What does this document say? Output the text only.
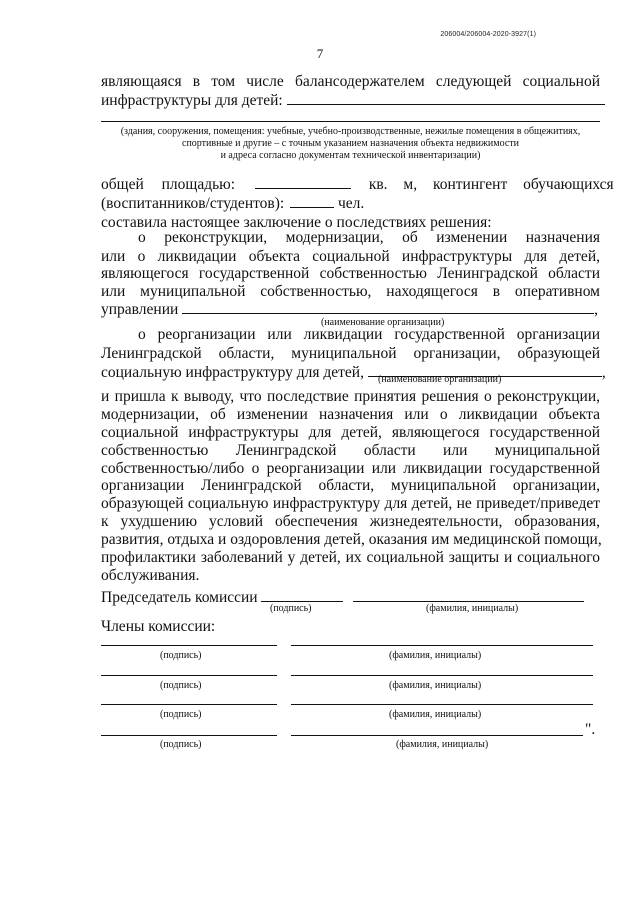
206004/206004-2020-3927(1)
7
являющаяся в том числе балансодержателем следующей социальной
инфраструктуры для детей:
(здания, сооружения, помещения: учебные, учебно-производственные, нежилые помещения в общежитиях,
спортивные и другие – с точным указанием назначения объекта недвижимости
и адреса согласно документам технической инвентаризации)
общей площадью:	кв. м, контингент обучающихся
(воспитанников/студентов):	чел.
составила настоящее заключение о последствиях решения:
о реконструкции, модернизации, об изменении назначения
или о ликвидации объекта социальной инфраструктуры для детей,
являющегося государственной собственностью Ленинградской области
или муниципальной собственностью, находящегося в оперативном
управлении	,
(наименование организации)
о реорганизации или ликвидации государственной организации
Ленинградской области, муниципальной организации, образующей
социальную инфраструктуру для детей,	,
(наименование организации)
и пришла к выводу, что последствие принятия решения о реконструкции,
модернизации, об изменении назначения или о ликвидации объекта
социальной инфраструктуры для детей, являющегося государственной
собственностью Ленинградской области или муниципальной
собственностью/либо о реорганизации или ликвидации государственной
организации Ленинградской области, муниципальной организации,
образующей социальную инфраструктуру для детей, не приведет/приведет
к ухудшению условий обеспечения жизнедеятельности, образования,
развития, отдыха и оздоровления детей, оказания им медицинской помощи,
профилактики заболеваний у детей, их социальной защиты и социального
обслуживания.
Председатель комиссии
(подпись)	(фамилия, инициалы)
Члены комиссии:
(подпись)	(фамилия, инициалы)
(подпись)	(фамилия, инициалы)
(подпись)	(фамилия, инициалы)
".
(подпись)	(фамилия, инициалы)
